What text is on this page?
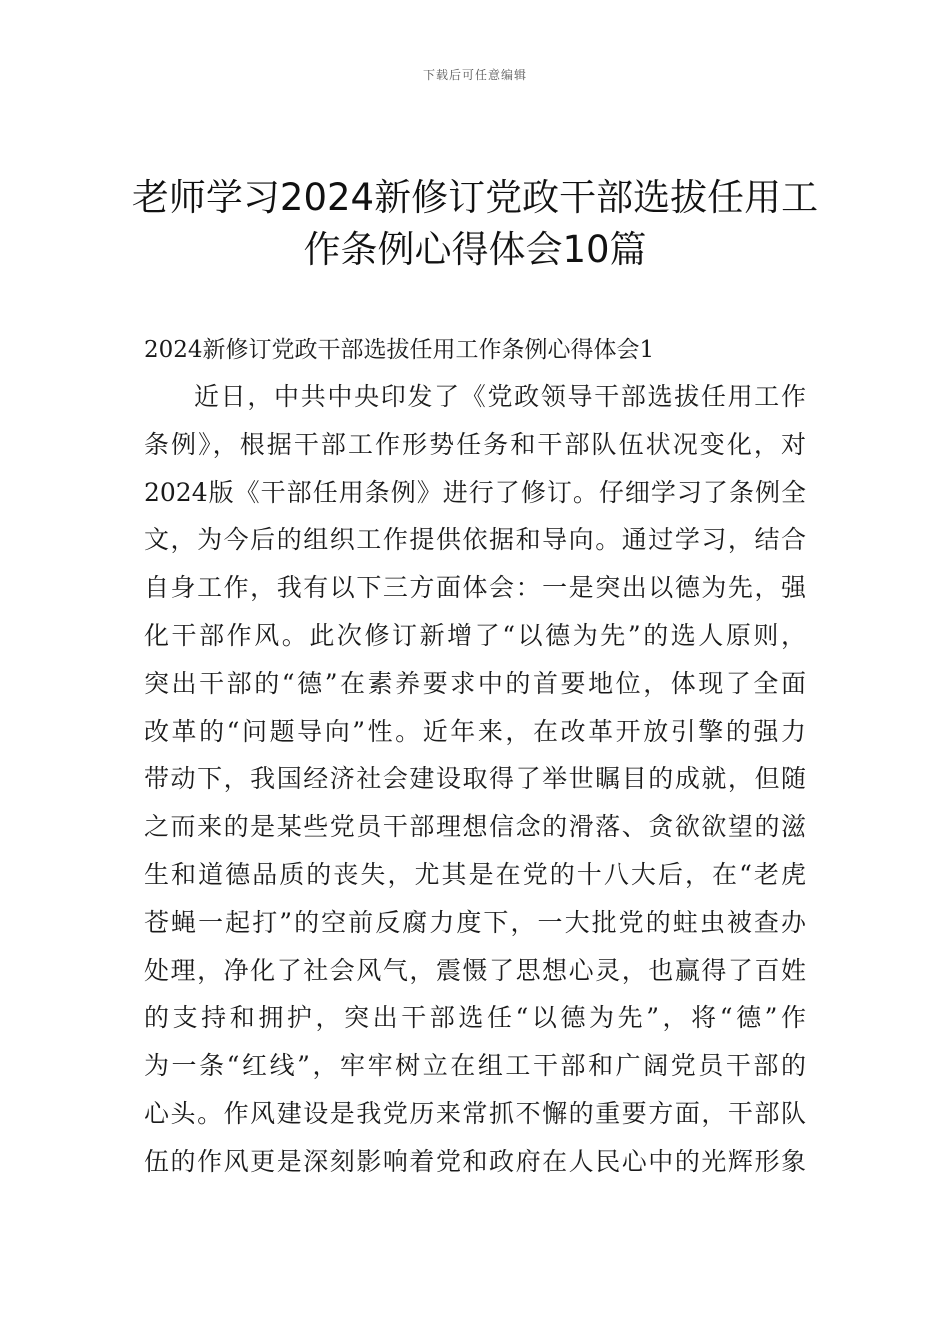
下载后可任意编辑
老师学习2024新修订党政干部选拔任用工
作条例心得体会10篇
2024新修订党政干部选拔任用工作条例心得体会1
近日，中共中央印发了《党政领导干部选拔任用工作
条例》，根据干部工作形势任务和干部队伍状况变化，对
2024版《干部任用条例》进行了修订。仔细学习了条例全
文，为今后的组织工作提供依据和导向。通过学习，结合
自身工作，我有以下三方面体会：一是突出以德为先，强
化干部作风。此次修订新增了“以德为先”的选人原则，
突出干部的“德”在素养要求中的首要地位，体现了全面
改革的“问题导向”性。近年来，在改革开放引擎的强力
带动下，我国经济社会建设取得了举世瞩目的成就，但随
之而来的是某些党员干部理想信念的滑落、贪欲欲望的滋
生和道德品质的丧失，尤其是在党的十八大后，在“老虎
苍蝇一起打”的空前反腐力度下，一大批党的蛀虫被查办
处理，净化了社会风气，震慑了思想心灵，也赢得了百姓
的支持和拥护，突出干部选任“以德为先”，将“德”作
为一条“红线”，牢牢树立在组工干部和广阔党员干部的
心头。作风建设是我党历来常抓不懈的重要方面，干部队
伍的作风更是深刻影响着党和政府在人民心中的光辉形象
